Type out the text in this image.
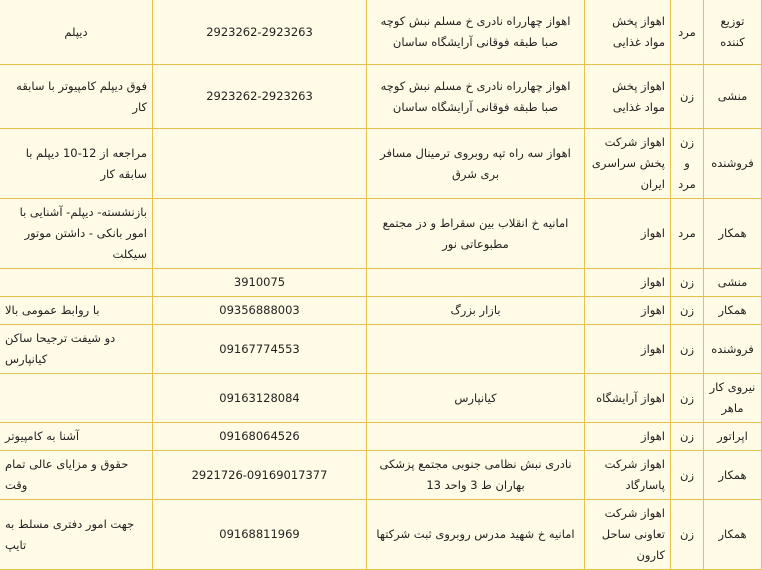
توزیع کننده	مرد	اهواز پخش مواد غذایی	اهواز چهارراه نادری خ مسلم نبش کوچه صبا طبقه فوقانی آرایشگاه ساسان	2923262-2923263	دیپلم
منشی	زن	اهواز پخش مواد غذایی	اهواز چهارراه نادری خ مسلم نبش کوچه صبا طبقه فوقانی آرایشگاه ساسان	2923262-2923263	فوق دیپلم کامپیوتر با سابقه کار
فروشنده	زن و مرد	اهواز شرکت پخش سراسری ایران	اهواز سه راه تپه روبروی ترمینال مسافر بری شرق		مراجعه از 12-10 دیپلم با سابقه کار
همکار	مرد	اهواز	امانیه خ انقلاب بین سقراط و دز مجتمع مطبوعاتی نور		بازنشسته- دیپلم- آشنایی با امور بانکی - داشتن موتور سیکلت
منشی	زن	اهواز		3910075	
همکار	زن	اهواز	بازار بزرگ	09356888003	با روابط عمومی بالا
فروشنده	زن	اهواز		09167774553	دو شیفت ترجیحا ساکن کیانپارس
نیروی کار ماهر	زن	اهواز آرایشگاه	کیانپارس	09163128084	
اپراتور	زن	اهواز		09168064526	آشنا به کامپیوتر
همکار	زن	اهواز شرکت پاسارگاد	نادری نبش نظامی جنوبی مجتمع پزشکی بهاران ط 3 واحد 13	2921726-09169017377	حقوق و مزایای عالی تمام وقت
همکار	زن	اهواز شرکت تعاونی ساحل کارون	امانیه خ شهید مدرس روبروی ثبت شرکتها	09168811969	جهت امور دفتری مسلط به تایپ
